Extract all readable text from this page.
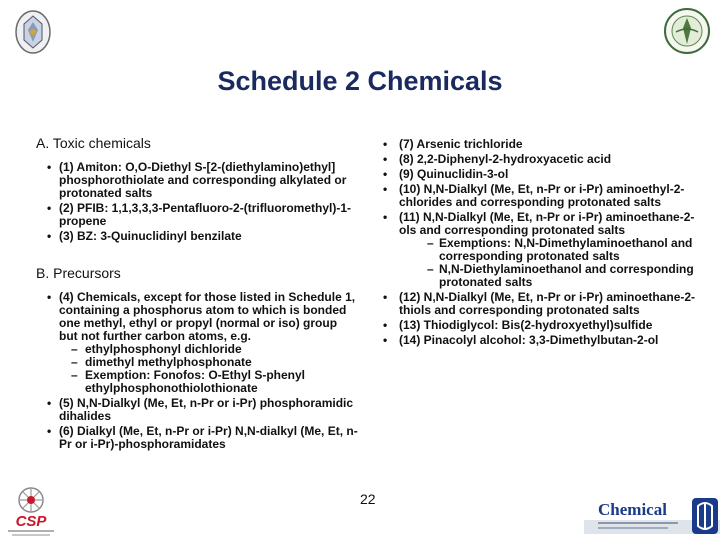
Schedule 2 Chemicals
A. Toxic chemicals
• (1) Amiton: O,O-Diethyl S-[2-(diethylamino)ethyl] phosphorothiolate and corresponding alkylated or protonated salts
• (2) PFIB: 1,1,3,3,3-Pentafluoro-2-(trifluoromethyl)-1-propene
• (3) BZ: 3-Quinuclidinyl benzilate
B. Precursors
• (4) Chemicals, except for those listed in Schedule 1, containing a phosphorus atom to which is bonded one methyl, ethyl or propyl (normal or iso) group but not further carbon atoms, e.g.
– ethylphosphonyl dichloride
– dimethyl methylphosphonate
– Exemption: Fonofos: O-Ethyl S-phenyl ethylphosphonothiolothionate
• (5) N,N-Dialkyl (Me, Et, n-Pr or i-Pr) phosphoramidic dihalides
• (6) Dialkyl (Me, Et, n-Pr or i-Pr) N,N-dialkyl (Me, Et, n-Pr or i-Pr)-phosphoramidates
• (7) Arsenic trichloride
• (8) 2,2-Diphenyl-2-hydroxyacetic acid
• (9) Quinuclidin-3-ol
• (10) N,N-Dialkyl (Me, Et, n-Pr or i-Pr) aminoethyl-2-chlorides and corresponding protonated salts
• (11) N,N-Dialkyl (Me, Et, n-Pr or i-Pr) aminoethane-2-ols and corresponding protonated salts
– Exemptions: N,N-Dimethylaminoethanol and corresponding protonated salts
– N,N-Diethylaminoethanol and corresponding protonated salts
• (12) N,N-Dialkyl (Me, Et, n-Pr or i-Pr) aminoethane-2-thiols and corresponding protonated salts
• (13) Thiodiglycol: Bis(2-hydroxyethyl)sulfide
• (14) Pinacolyl alcohol: 3,3-Dimethylbutan-2-ol
22
CSP
Chemical
